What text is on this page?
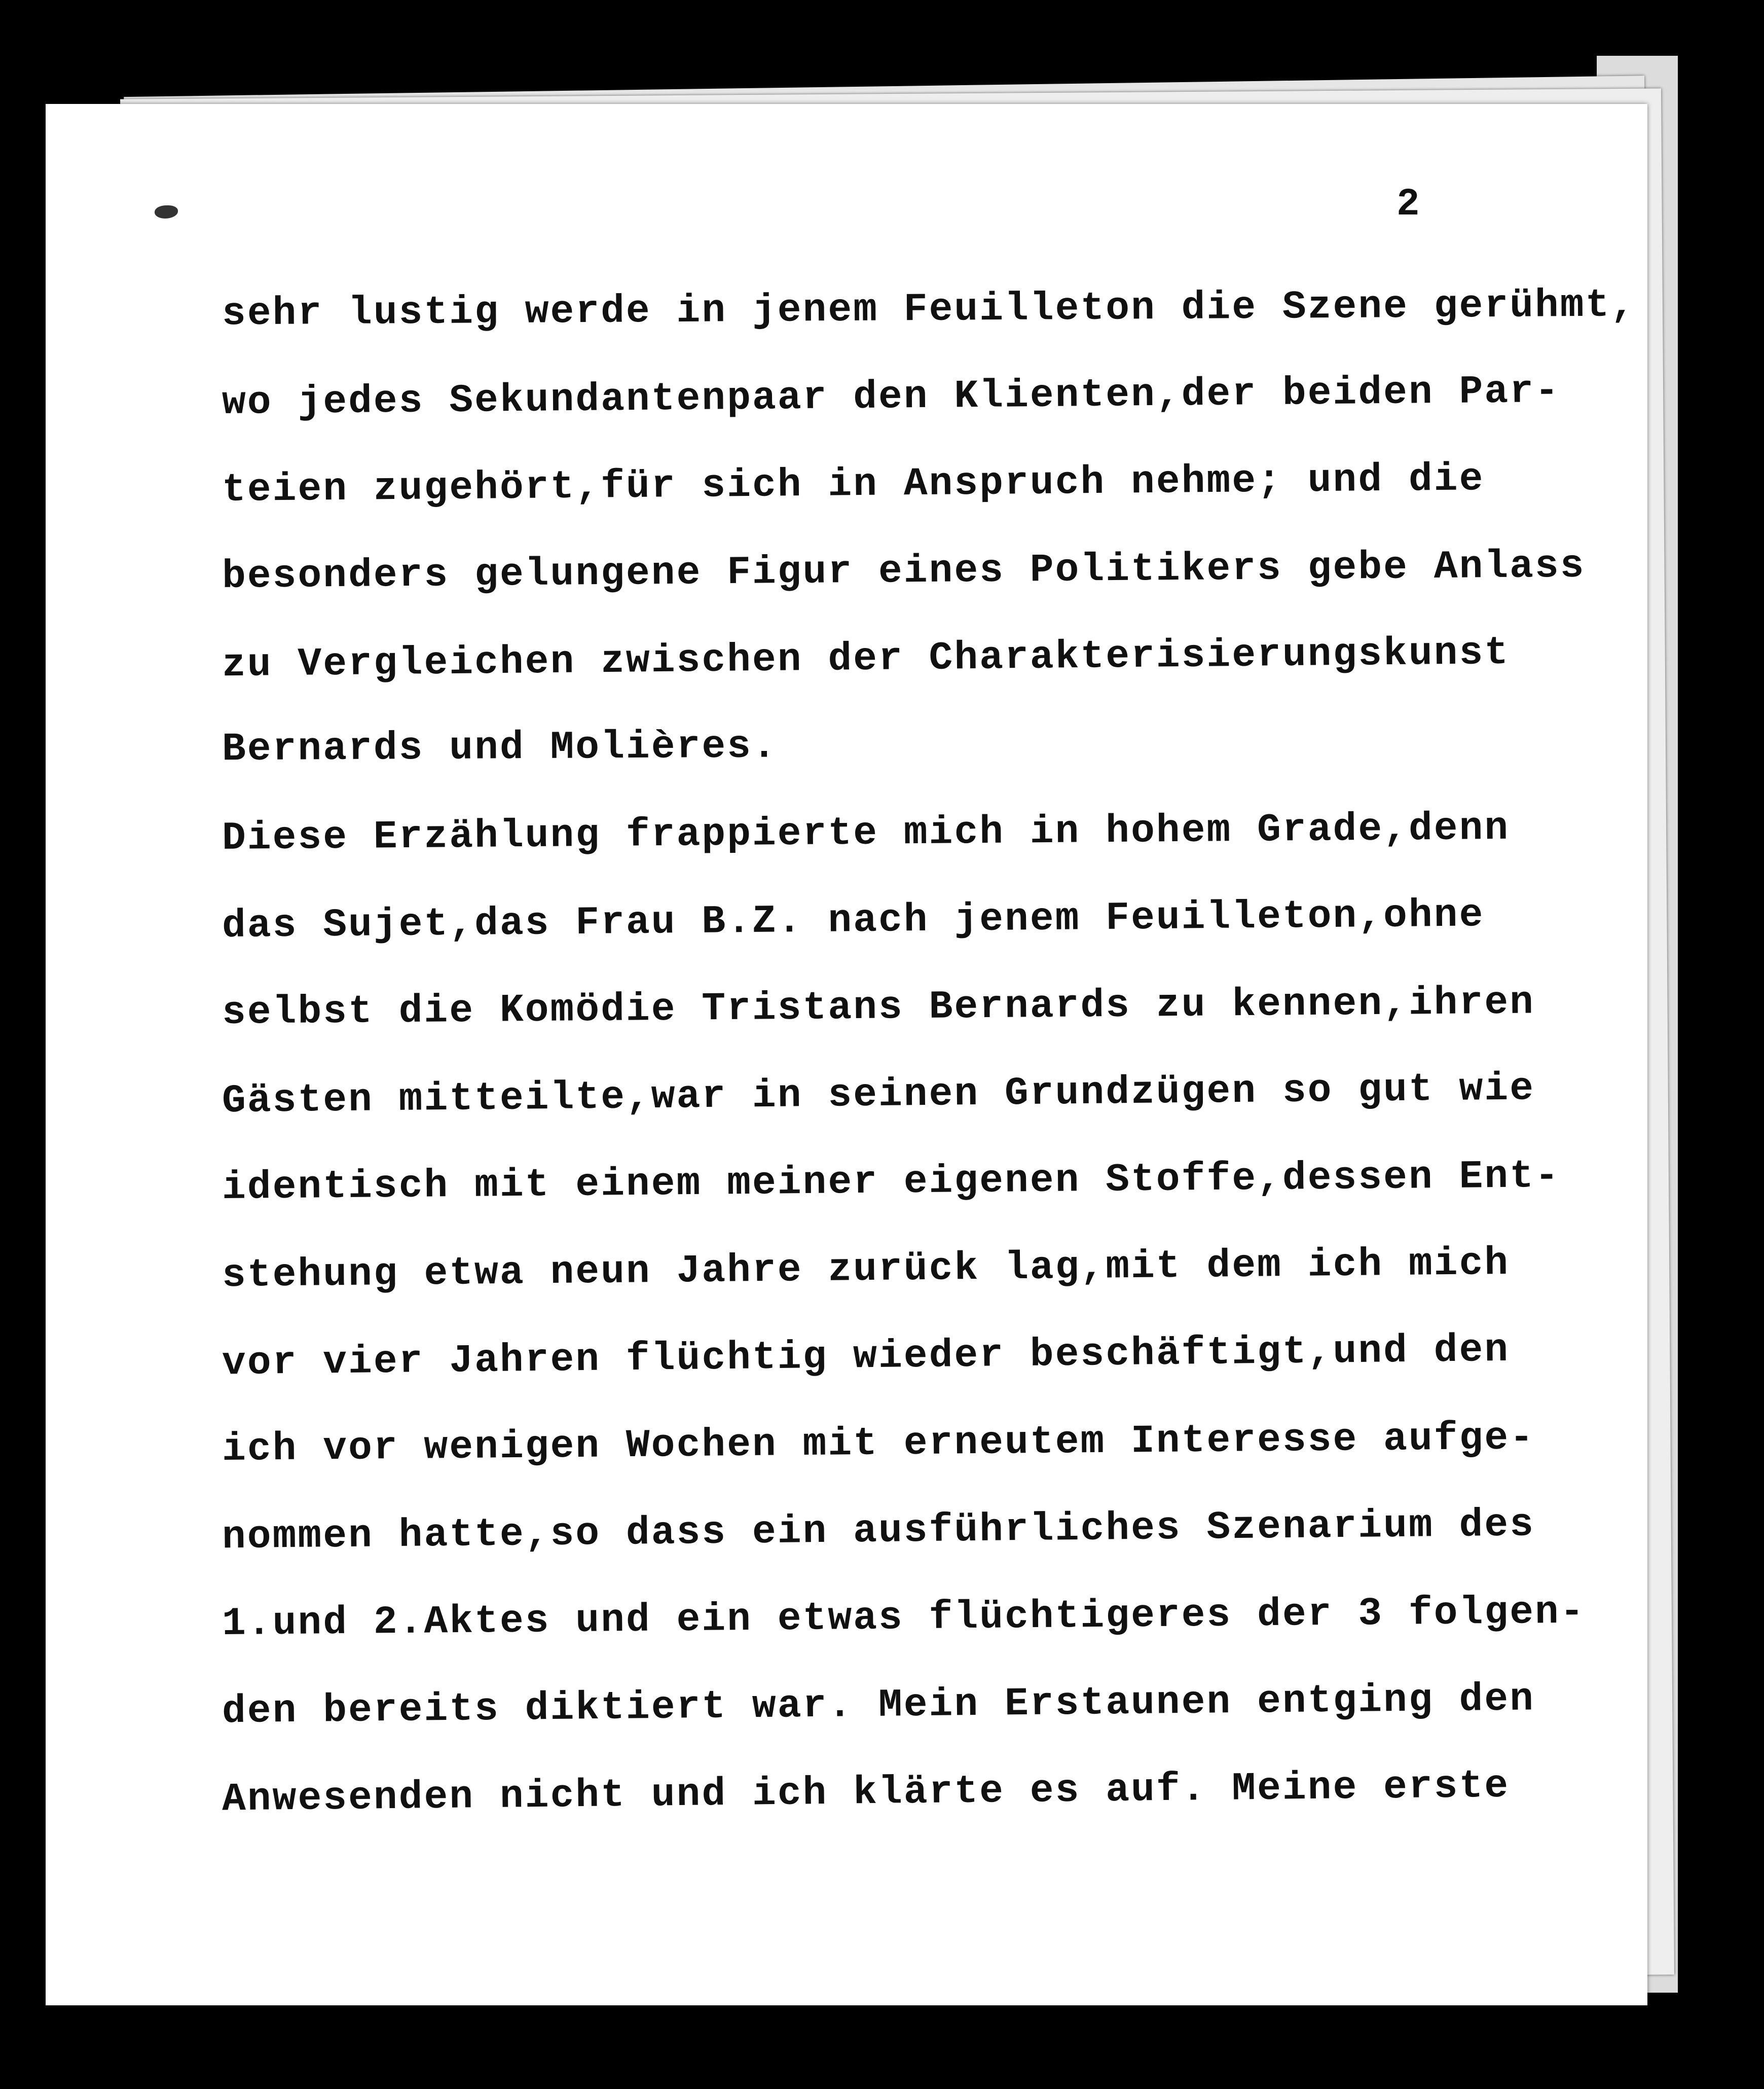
2
sehr lustig werde in jenem Feuilleton die Szene gerühmt,
wo jedes Sekundantenpaar den Klienten,der beiden Par-
teien zugehört,für sich in Anspruch nehme; und die
besonders gelungene Figur eines Politikers gebe Anlass
zu Vergleichen zwischen der Charakterisierungskunst
Bernards und Molières.
Diese Erzählung frappierte mich in hohem Grade,denn
das Sujet,das Frau B.Z. nach jenem Feuilleton,ohne
selbst die Komödie Tristans Bernards zu kennen,ihren
Gästen mitteilte,war in seinen Grundzügen so gut wie
identisch mit einem meiner eigenen Stoffe,dessen Ent-
stehung etwa neun Jahre zurück lag,mit dem ich mich
vor vier Jahren flüchtig wieder beschäftigt,und den
ich vor wenigen Wochen mit erneutem Interesse aufge-
nommen hatte,so dass ein ausführliches Szenarium des
1.und 2.Aktes und ein etwas flüchtigeres der 3 folgen-
den bereits diktiert war. Mein Erstaunen entging den
Anwesenden nicht und ich klärte es auf. Meine erste
